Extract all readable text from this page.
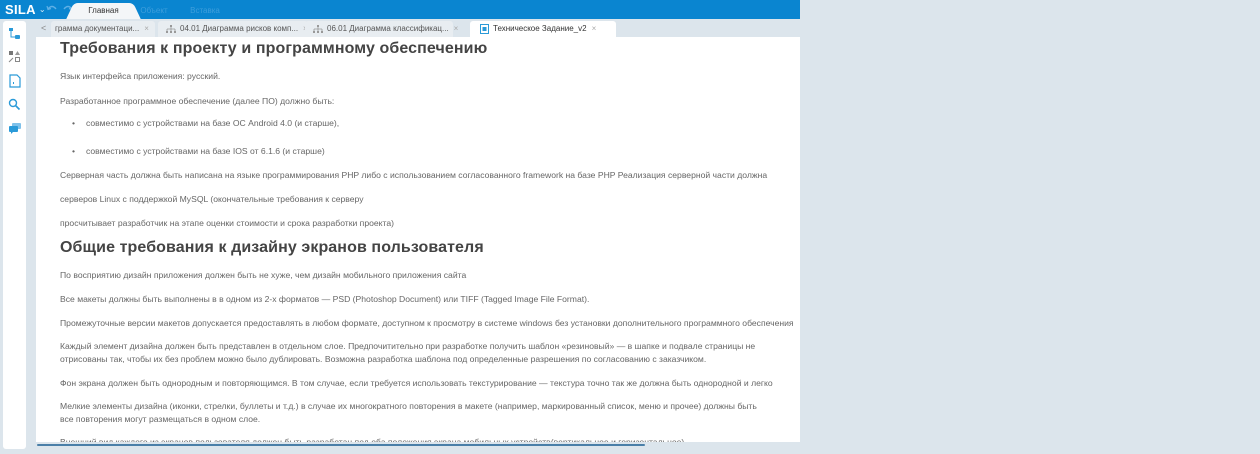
SILA ⌄	Главная	Объект	Вставка
<	грамма документаци... ×	04.01 Диаграмма рисков комп...	06.01 Диаграмма классификац... ×	Техническое Задание_v2 ×
Требования к проекту и программному обеспечению
Язык интерфейса приложения: русский.
Разработанное программное обеспечение (далее ПО) должно быть:
• совместимо с устройствами на базе ОС Android 4.0 (и старше),
• совместимо с устройствами на базе IOS от 6.1.6 (и старше)
Серверная часть должна быть написана на языке программирования PHP либо с использованием согласованного framework на базе PHP Реализация серверной части должна
серверов Linux с поддержкой MySQL (окончательные требования к серверу
просчитывает разработчик на этапе оценки стоимости и срока разработки проекта)
Общие требования к дизайну экранов пользователя
По восприятию дизайн приложения должен быть не хуже, чем дизайн мобильного приложения сайта
Все макеты должны быть выполнены в в одном из 2-х форматов — PSD (Photoshop Document) или TIFF (Tagged Image File Format).
Промежуточные версии макетов допускается предоставлять в любом формате, доступном к просмотру в системе windows без установки дополнительного программного обеспечения
Каждый элемент дизайна должен быть представлен в отдельном слое. Предпочитительно при разработке получить шаблон «резиновый» — в шапке и подвале страницы не
отрисованы так, чтобы их без проблем можно было дублировать. Возможна разработка шаблона под определенные разрешения по согласованию с заказчиком.
Фон экрана должен быть однородным и повторяющимся. В том случае, если требуется использовать текстурирование — текстура точно так же должна быть однородной и легко
Мелкие элементы дизайна (иконки, стрелки, буллеты и т.д.) в случае их многократного повторения в макете (например, маркированный список, меню и прочее) должны быть
все повторения могут размещаться в одном слое.
